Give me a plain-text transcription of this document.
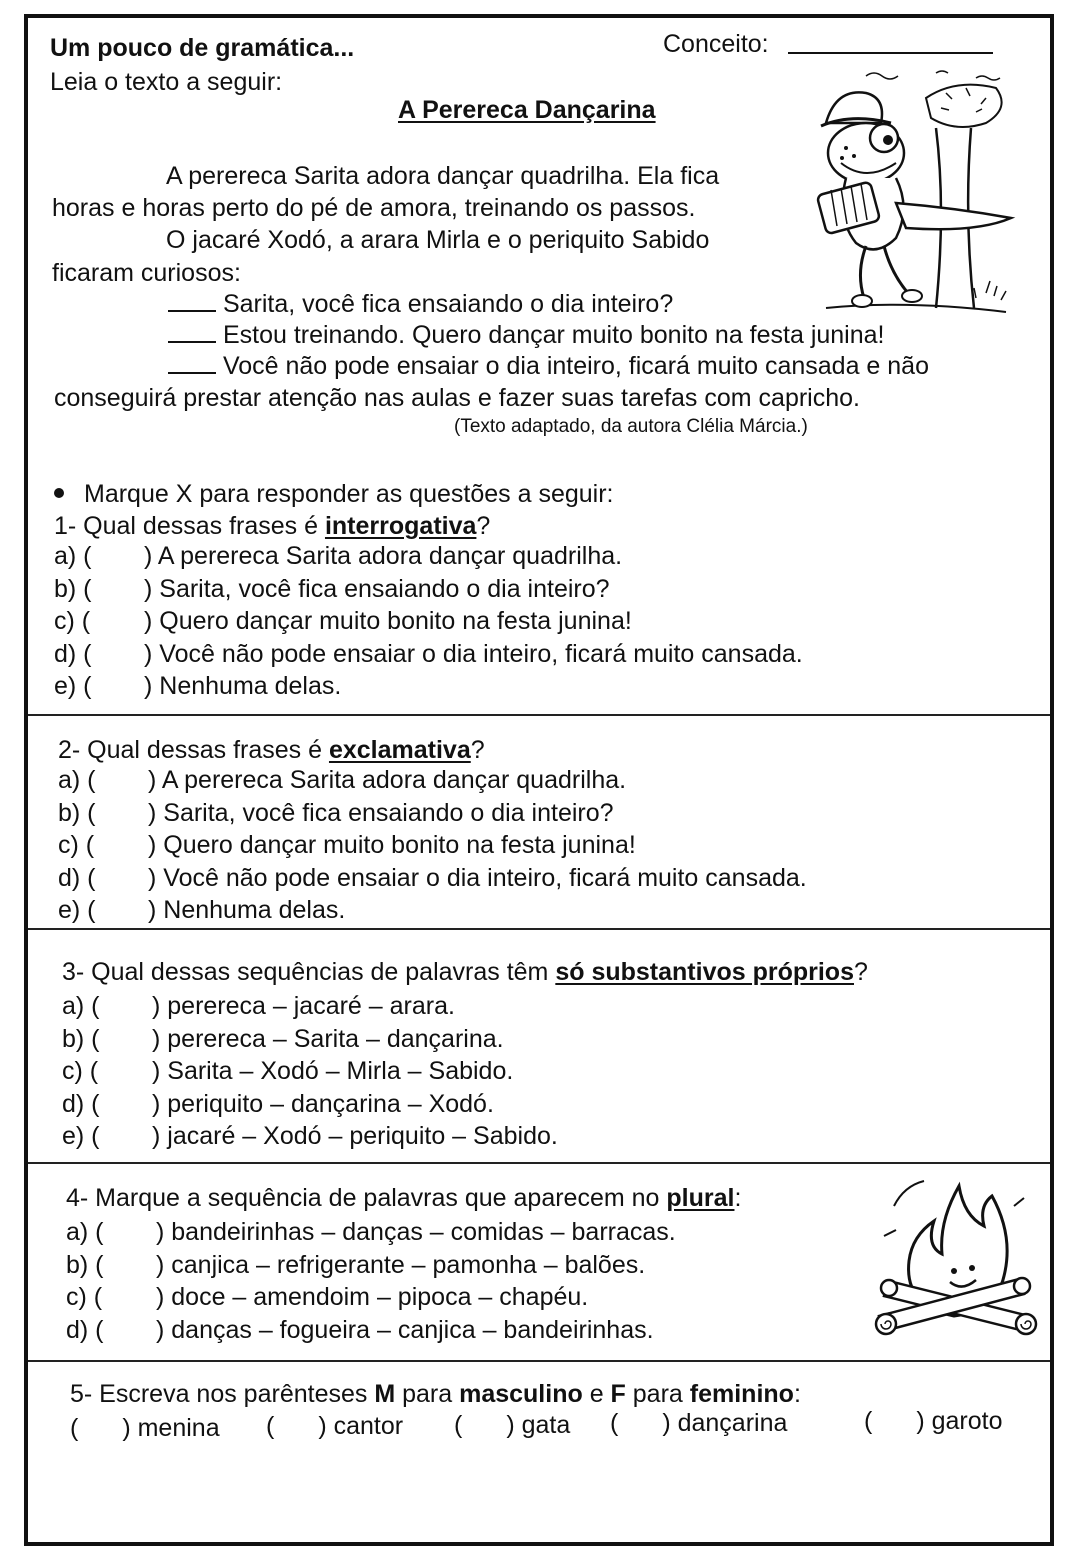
Um pouco de gramática...	Conceito:
Leia o texto a seguir:
A Perereca Dançarina
A perereca Sarita adora dançar quadrilha. Ela fica
horas e horas perto do pé de amora, treinando os passos.
O jacaré Xodó, a arara Mirla e o periquito Sabido
ficaram curiosos:
Sarita, você fica ensaiando o dia inteiro?
Estou treinando. Quero dançar muito bonito na festa junina!
Você não pode ensaiar o dia inteiro, ficará muito cansada e não
conseguirá prestar atenção nas aulas e fazer suas tarefas com capricho.
(Texto adaptado, da autora Clélia Márcia.)
Marque X para responder as questões a seguir:
1- Qual dessas frases é interrogativa?
a) ( ) A perereca Sarita adora dançar quadrilha.
b) ( ) Sarita, você fica ensaiando o dia inteiro?
c) ( ) Quero dançar muito bonito na festa junina!
d) ( ) Você não pode ensaiar o dia inteiro, ficará muito cansada.
e) ( ) Nenhuma delas.
2- Qual dessas frases é exclamativa?
a) ( ) A perereca Sarita adora dançar quadrilha.
b) ( ) Sarita, você fica ensaiando o dia inteiro?
c) ( ) Quero dançar muito bonito na festa junina!
d) ( ) Você não pode ensaiar o dia inteiro, ficará muito cansada.
e) ( ) Nenhuma delas.
3- Qual dessas sequências de palavras têm só substantivos próprios?
a) ( ) perereca – jacaré – arara.
b) ( ) perereca – Sarita – dançarina.
c) ( ) Sarita – Xodó – Mirla – Sabido.
d) ( ) periquito – dançarina – Xodó.
e) ( ) jacaré – Xodó – periquito – Sabido.
4- Marque a sequência de palavras que aparecem no plural:
a) ( ) bandeirinhas – danças – comidas – barracas.
b) ( ) canjica – refrigerante – pamonha – balões.
c) ( ) doce – amendoim – pipoca – chapéu.
d) ( ) danças – fogueira – canjica – bandeirinhas.
5- Escreva nos parênteses M para masculino e F para feminino:
( ) menina ( ) cantor ( ) gata ( ) dançarina	( ) garoto
